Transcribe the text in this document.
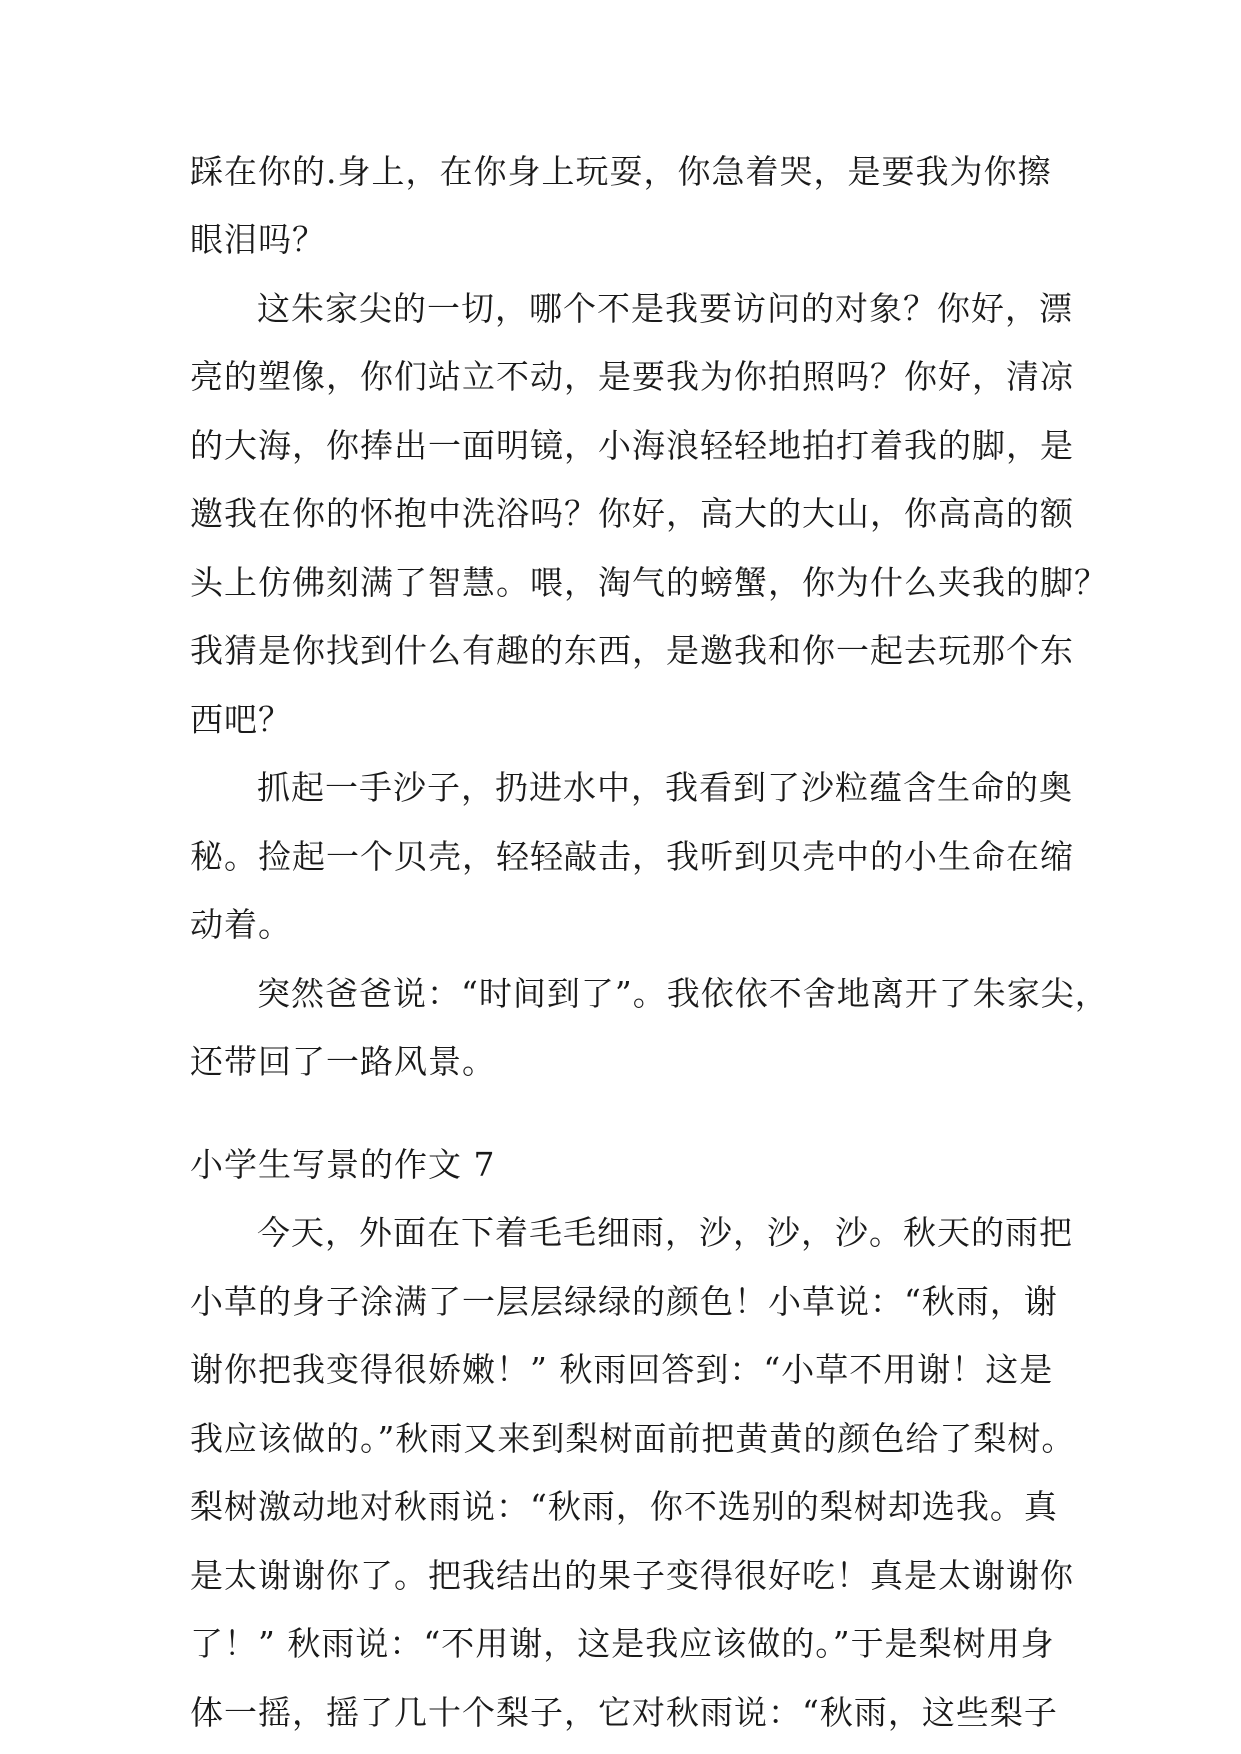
踩在你的.身上，在你身上玩耍，你急着哭，是要我为你擦
眼泪吗？
这朱家尖的一切，哪个不是我要访问的对象？你好，漂
亮的塑像，你们站立不动，是要我为你拍照吗？你好，清凉
的大海，你捧出一面明镜，小海浪轻轻地拍打着我的脚，是
邀我在你的怀抱中洗浴吗？你好，高大的大山，你高高的额
头上仿佛刻满了智慧。喂，淘气的螃蟹，你为什么夹我的脚？
我猜是你找到什么有趣的东西，是邀我和你一起去玩那个东
西吧？
抓起一手沙子，扔进水中，我看到了沙粒蕴含生命的奥
秘。捡起一个贝壳，轻轻敲击，我听到贝壳中的小生命在缩
动着。
突然爸爸说：“时间到了”。我依依不舍地离开了朱家尖，
还带回了一路风景。
小学生写景的作文 7
今天，外面在下着毛毛细雨，沙，沙，沙。秋天的雨把
小草的身子涂满了一层层绿绿的颜色！小草说：“秋雨，谢
谢你把我变得很娇嫩！” 秋雨回答到：“小草不用谢！这是
我应该做的。”秋雨又来到梨树面前把黄黄的颜色给了梨树。
梨树激动地对秋雨说：“秋雨，你不选别的梨树却选我。真
是太谢谢你了。把我结出的果子变得很好吃！真是太谢谢你
了！” 秋雨说：“不用谢，这是我应该做的。”于是梨树用身
体一摇，摇了几十个梨子，它对秋雨说：“秋雨，这些梨子
